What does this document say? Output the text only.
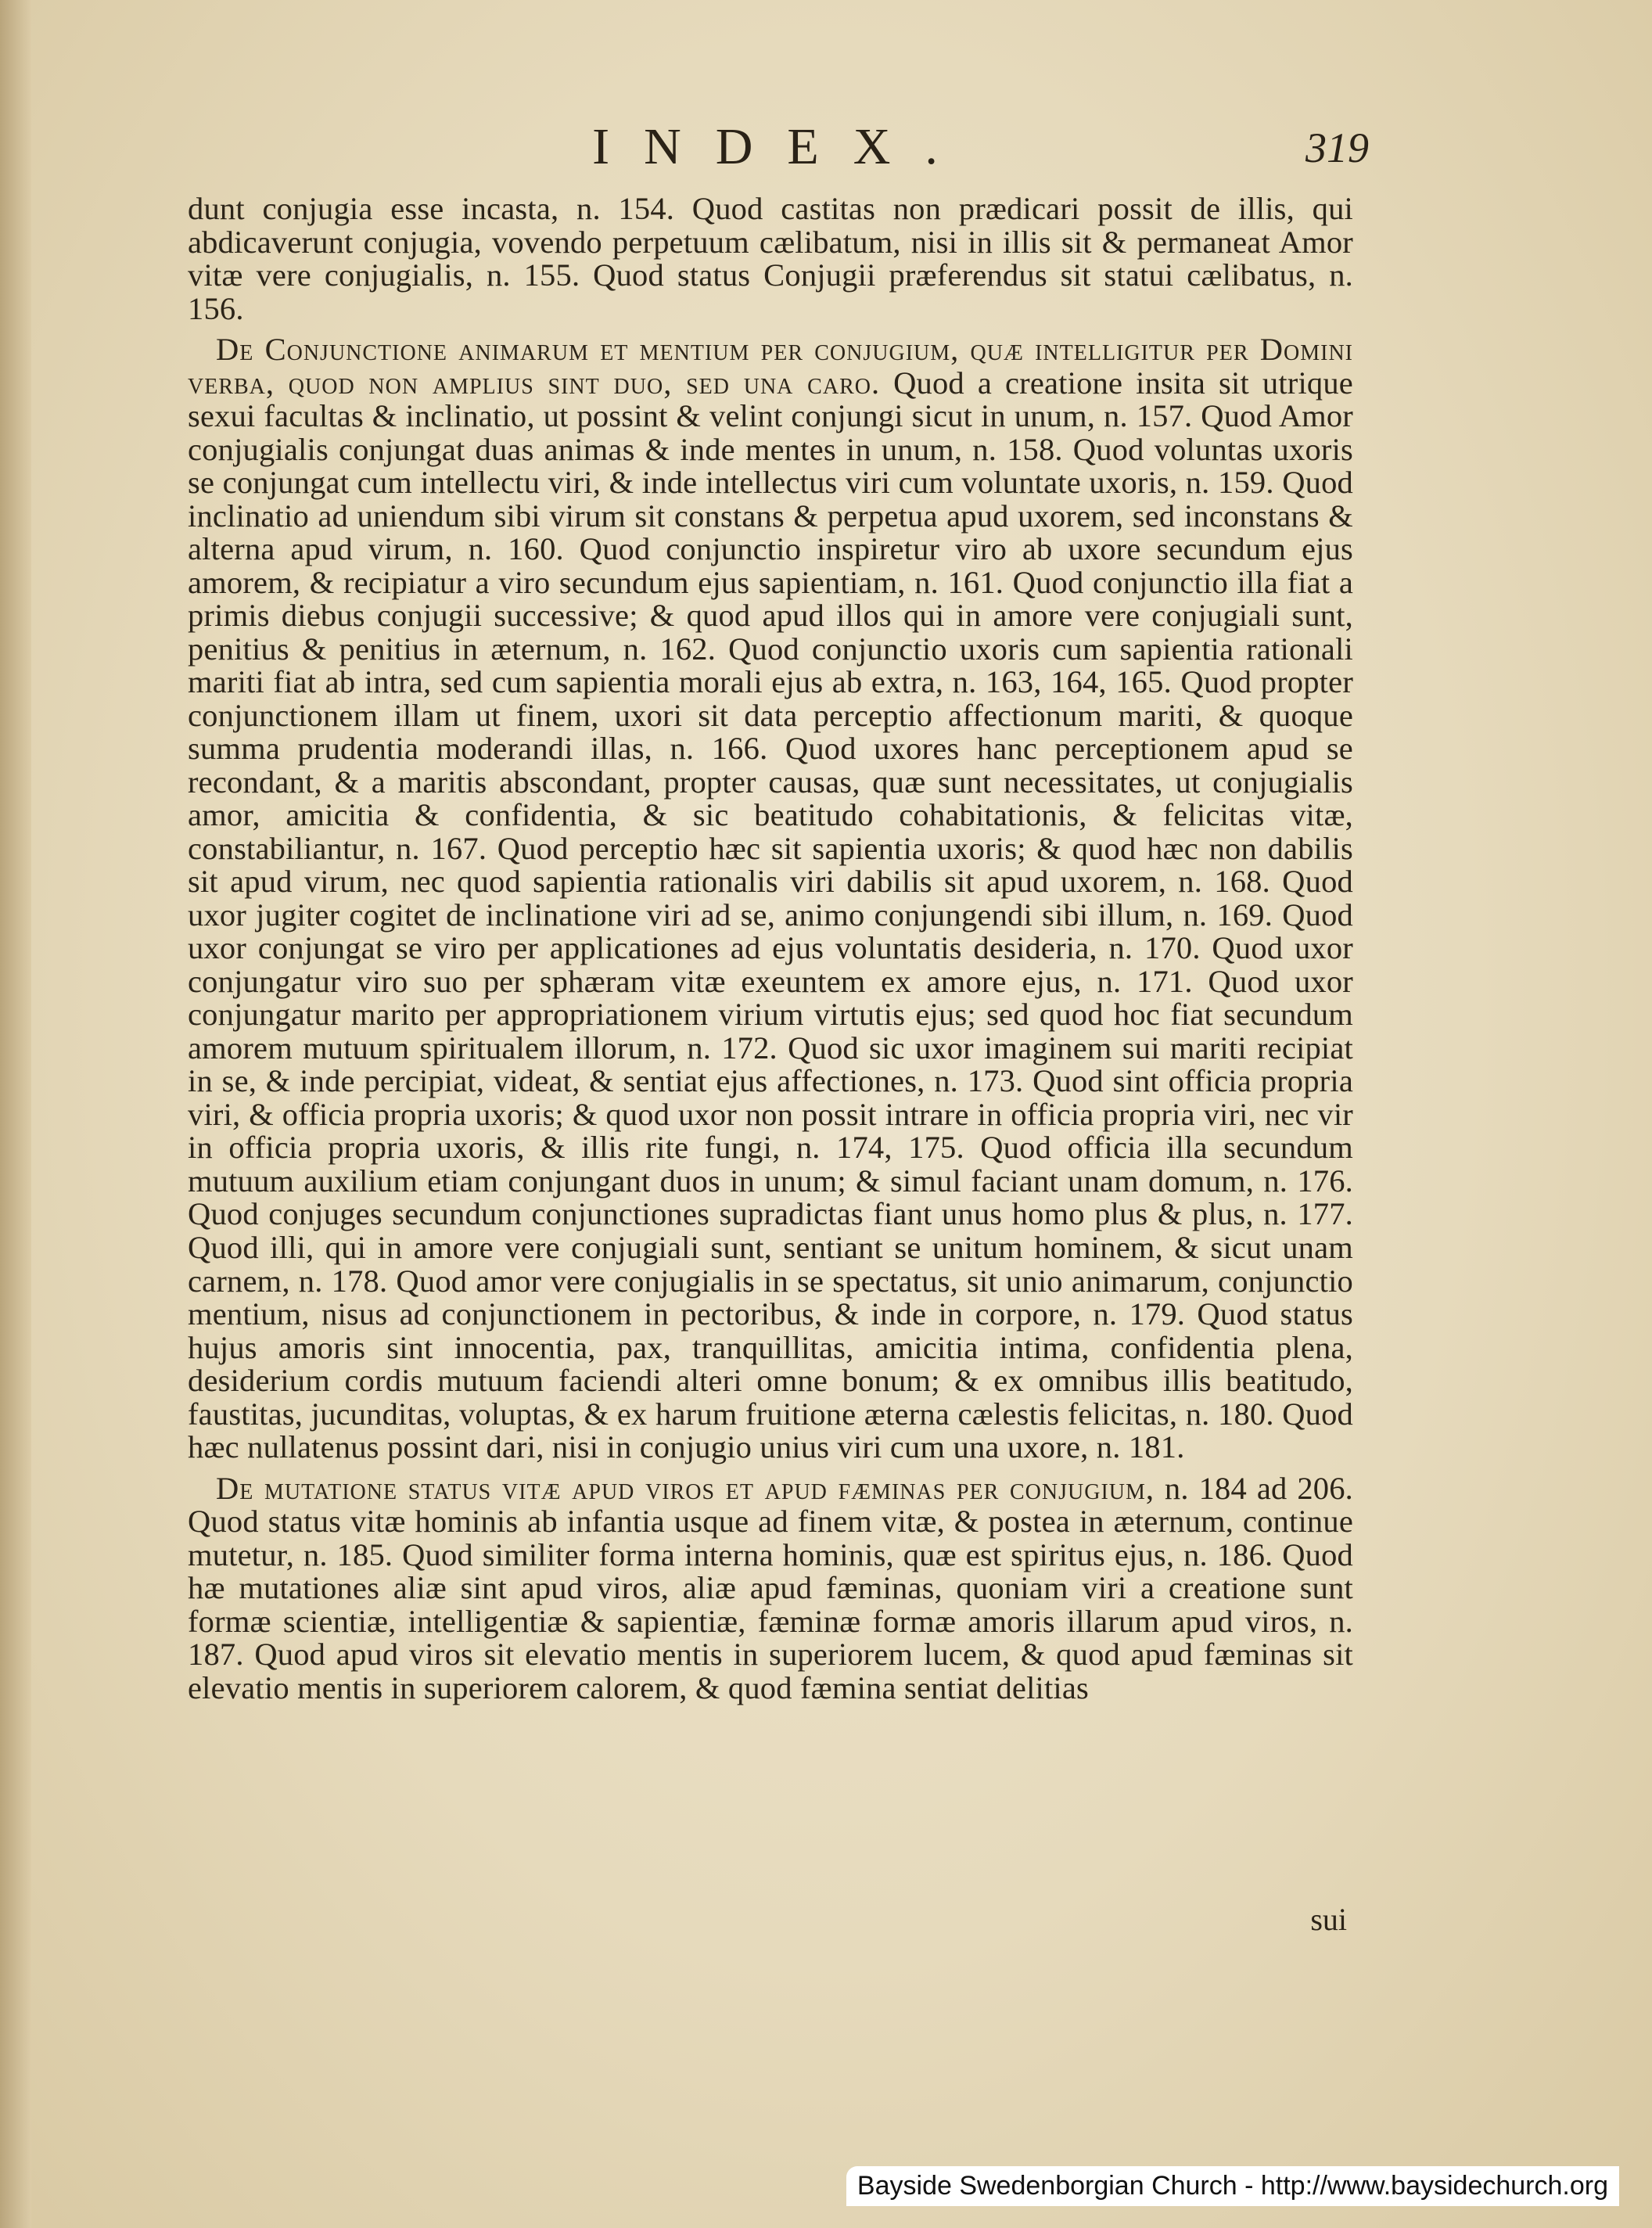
INDEX.	319

dunt conjugia esse incasta, n. 154. Quod castitas non prædicari possit de illis, qui abdicaverunt conjugia, vovendo perpetuum cælibatum, nisi in illis sit & permaneat Amor vitæ vere conjugialis, n. 155. Quod status Conjugii præferendus sit statui cælibatus, n. 156.

De Conjunctione animarum et mentium per conjugium, quæ intelligitur per Domini verba, quod non amplius sint duo, sed una caro. Quod a creatione insita sit utrique sexui facultas & inclinatio, ut possint & velint conjungi sicut in unum, n. 157. Quod Amor conjugialis conjungat duas animas & inde mentes in unum, n. 158. Quod voluntas uxoris se conjungat cum intellectu viri, & inde intellectus viri cum voluntate uxoris, n. 159. Quod inclinatio ad uniendum sibi virum sit constans & perpetua apud uxorem, sed inconstans & alterna apud virum, n. 160. Quod conjunctio inspiretur viro ab uxore secundum ejus amorem, & recipiatur a viro secundum ejus sapientiam, n. 161. Quod conjunctio illa fiat a primis diebus conjugii successive; & quod apud illos qui in amore vere conjugiali sunt, penitius & penitius in æternum, n. 162. Quod conjunctio uxoris cum sapientia rationali mariti fiat ab intra, sed cum sapientia morali ejus ab extra, n. 163, 164, 165. Quod propter conjunctionem illam ut finem, uxori sit data perceptio affectionum mariti, & quoque summa prudentia moderandi illas, n. 166. Quod uxores hanc perceptionem apud se recondant, & a maritis abscondant, propter causas, quæ sunt necessitates, ut conjugialis amor, amicitia & confidentia, & sic beatitudo cohabitationis, & felicitas vitæ, constabiliantur, n. 167. Quod perceptio hæc sit sapientia uxoris; & quod hæc non dabilis sit apud virum, nec quod sapientia rationalis viri dabilis sit apud uxorem, n. 168. Quod uxor jugiter cogitet de inclinatione viri ad se, animo conjungendi sibi illum, n. 169. Quod uxor conjungat se viro per applicationes ad ejus voluntatis desideria, n. 170. Quod uxor conjungatur viro suo per sphæram vitæ exeuntem ex amore ejus, n. 171. Quod uxor conjungatur marito per appropriationem virium virtutis ejus; sed quod hoc fiat secundum amorem mutuum spiritualem illorum, n. 172. Quod sic uxor imaginem sui mariti recipiat in se, & inde percipiat, videat, & sentiat ejus affectiones, n. 173. Quod sint officia propria viri, & officia propria uxoris; & quod uxor non possit intrare in officia propria viri, nec vir in officia propria uxoris, & illis rite fungi, n. 174, 175. Quod officia illa secundum mutuum auxilium etiam conjungant duos in unum; & simul faciant unam domum, n. 176. Quod conjuges secundum conjunctiones supradictas fiant unus homo plus & plus, n. 177. Quod illi, qui in amore vere conjugiali sunt, sentiant se unitum hominem, & sicut unam carnem, n. 178. Quod amor vere conjugialis in se spectatus, sit unio animarum, conjunctio mentium, nisus ad conjunctionem in pectoribus, & inde in corpore, n. 179. Quod status hujus amoris sint innocentia, pax, tranquillitas, amicitia intima, confidentia plena, desiderium cordis mutuum faciendi alteri omne bonum; & ex omnibus illis beatitudo, faustitas, jucunditas, voluptas, & ex harum fruitione æterna cælestis felicitas, n. 180. Quod hæc nullatenus possint dari, nisi in conjugio unius viri cum una uxore, n. 181.

De mutatione status vitæ apud viros et apud fæminas per conjugium, n. 184 ad 206. Quod status vitæ hominis ab infantia usque ad finem vitæ, & postea in æternum, continue mutetur, n. 185. Quod similiter forma interna hominis, quæ est spiritus ejus, n. 186. Quod hæ mutationes aliæ sint apud viros, aliæ apud fæminas, quoniam viri a creatione sunt formæ scientiæ, intelligentiæ & sapientiæ, fæminæ formæ amoris illarum apud viros, n. 187. Quod apud viros sit elevatio mentis in superiorem lucem, & quod apud fæminas sit elevatio mentis in superiorem calorem, & quod fæmina sentiat delitias

sui
Bayside Swedenborgian Church - http://www.baysidechurch.org
